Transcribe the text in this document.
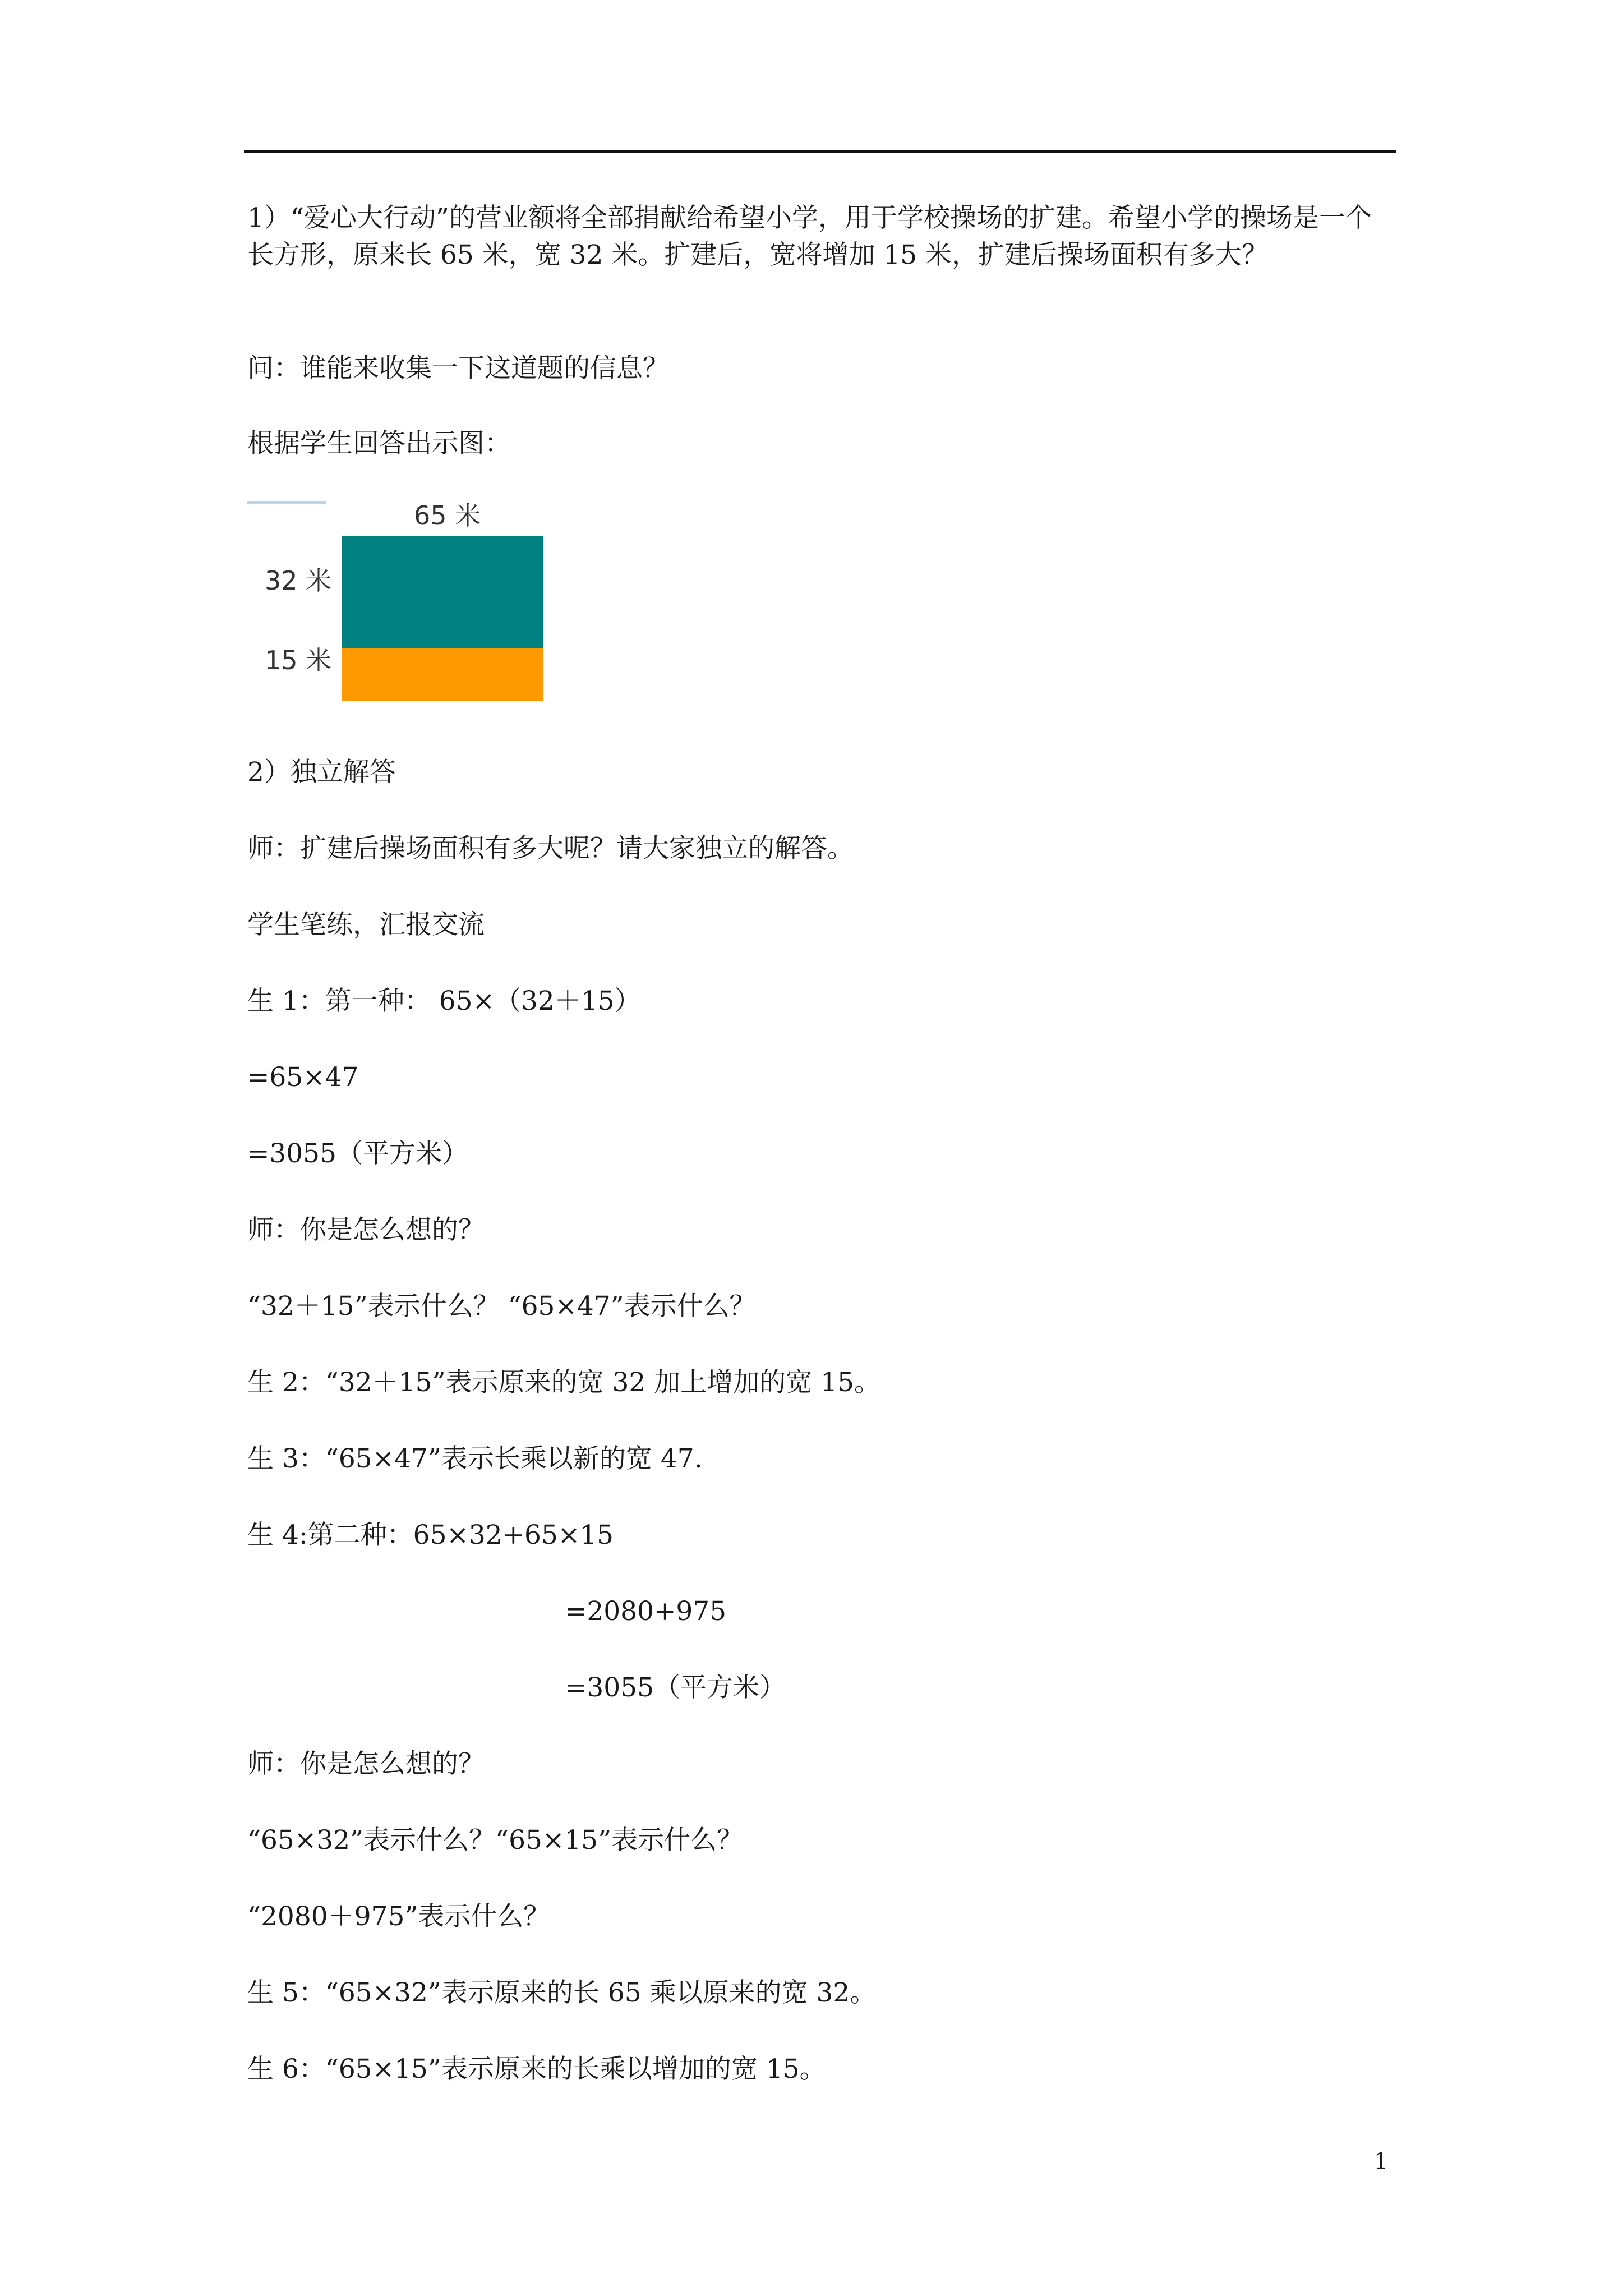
1）“爱心大行动”的营业额将全部捐献给希望小学，用于学校操场的扩建。希望小学的操场是一个长方形，原来长 65 米，宽 32 米。扩建后，宽将增加 15 米，扩建后操场面积有多大？
问：谁能来收集一下这道题的信息？
根据学生回答出示图：
65 米
32 米
15 米
2）独立解答
师：扩建后操场面积有多大呢？请大家独立的解答。
学生笔练，汇报交流
生 1：第一种： 65×（32＋15）
=65×47
=3055（平方米）
师：你是怎么想的？
“32＋15”表示什么？ “65×47”表示什么？
生 2：“32＋15”表示原来的宽 32 加上增加的宽 15。
生 3：“65×47”表示长乘以新的宽 47.
生 4:第二种：65×32+65×15
=2080+975
=3055（平方米）
师：你是怎么想的？
“65×32”表示什么？“65×15”表示什么？
“2080＋975”表示什么？
生 5：“65×32”表示原来的长 65 乘以原来的宽 32。
生 6：“65×15”表示原来的长乘以增加的宽 15。
1
